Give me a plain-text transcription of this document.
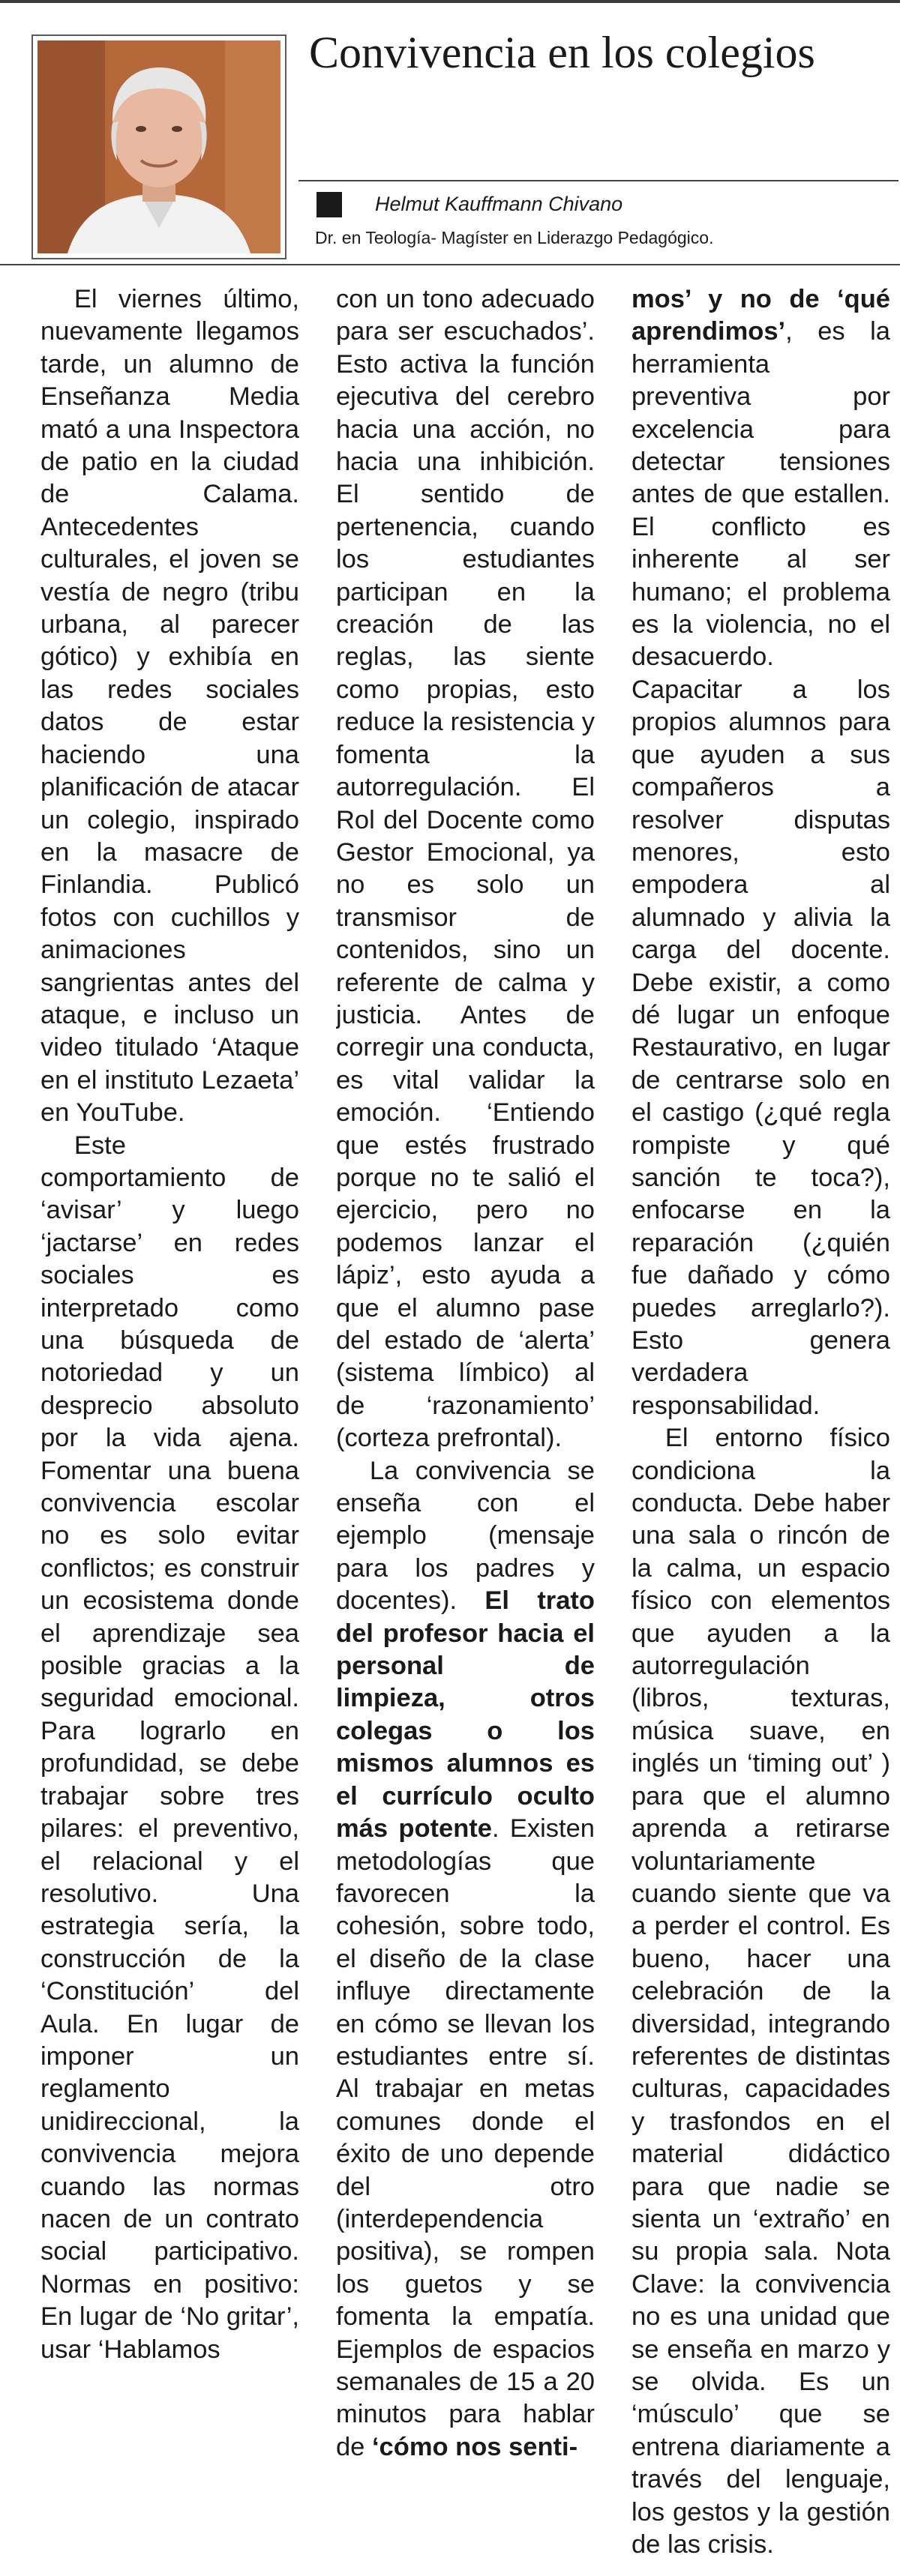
Convivencia en los colegios
Helmut Kauffmann Chivano
Dr. en Teología- Magíster en Liderazgo Pedagógico.

El viernes último, nuevamente llegamos tarde, un alumno de Enseñanza Media mató a una Inspectora de patio en la ciudad de Calama. Antecedentes culturales, el joven se vestía de negro (tribu urbana, al parecer gótico) y exhibía en las redes sociales datos de estar haciendo una planificación de atacar un colegio, inspirado en la masacre de Finlandia. Publicó fotos con cuchillos y animaciones sangrientas antes del ataque, e incluso un video titulado ‘Ataque en el instituto Lezaeta’ en YouTube.

Este comportamiento de ‘avisar’ y luego ‘jactarse’ en redes sociales es interpretado como una búsqueda de notoriedad y un desprecio absoluto por la vida ajena. Fomentar una buena convivencia escolar no es solo evitar conflictos; es construir un ecosistema donde el aprendizaje sea posible gracias a la seguridad emocional. Para lograrlo en profundidad, se debe trabajar sobre tres pilares: el preventivo, el relacional y el resolutivo. Una estrategia sería, la construcción de la ‘Constitución’ del Aula. En lugar de imponer un reglamento unidireccional, la convivencia mejora cuando las normas nacen de un contrato social participativo. Normas en positivo: En lugar de ‘No gritar’, usar ‘Hablamos

con un tono adecuado para ser escuchados’. Esto activa la función ejecutiva del cerebro hacia una acción, no hacia una inhibición. El sentido de pertenencia, cuando los estudiantes participan en la creación de las reglas, las siente como propias, esto reduce la resistencia y fomenta la autorregulación. El Rol del Docente como Gestor Emocional, ya no es solo un transmisor de contenidos, sino un referente de calma y justicia. Antes de corregir una conducta, es vital validar la emoción. ‘Entiendo que estés frustrado porque no te salió el ejercicio, pero no podemos lanzar el lápiz’, esto ayuda a que el alumno pase del estado de ‘alerta’ (sistema límbico) al de ‘razonamiento’ (corteza prefrontal).

La convivencia se enseña con el ejemplo (mensaje para los padres y docentes). El trato del profesor hacia el personal de limpieza, otros colegas o los mismos alumnos es el currículo oculto más potente. Existen metodologías que favorecen la cohesión, sobre todo, el diseño de la clase influye directamente en cómo se llevan los estudiantes entre sí. Al trabajar en metas comunes donde el éxito de uno depende del otro (interdependencia positiva), se rompen los guetos y se fomenta la empatía. Ejemplos de espacios semanales de 15 a 20 minutos para hablar de ‘cómo nos senti-

mos’ y no de ‘qué aprendimos’, es la herramienta preventiva por excelencia para detectar tensiones antes de que estallen. El conflicto es inherente al ser humano; el problema es la violencia, no el desacuerdo. Capacitar a los propios alumnos para que ayuden a sus compañeros a resolver disputas menores, esto empodera al alumnado y alivia la carga del docente. Debe existir, a como dé lugar un enfoque Restaurativo, en lugar de centrarse solo en el castigo (¿qué regla rompiste y qué sanción te toca?), enfocarse en la reparación (¿quién fue dañado y cómo puedes arreglarlo?). Esto genera verdadera responsabilidad.

El entorno físico condiciona la conducta. Debe haber una sala o rincón de la calma, un espacio físico con elementos que ayuden a la autorregulación (libros, texturas, música suave, en inglés un ‘timing out’ ) para que el alumno aprenda a retirarse voluntariamente cuando siente que va a perder el control. Es bueno, hacer una celebración de la diversidad, integrando referentes de distintas culturas, capacidades y trasfondos en el material didáctico para que nadie se sienta un ‘extraño’ en su propia sala. Nota Clave: la convivencia no es una unidad que se enseña en marzo y se olvida. Es un ‘músculo’ que se entrena diariamente a través del lenguaje, los gestos y la gestión de las crisis.
